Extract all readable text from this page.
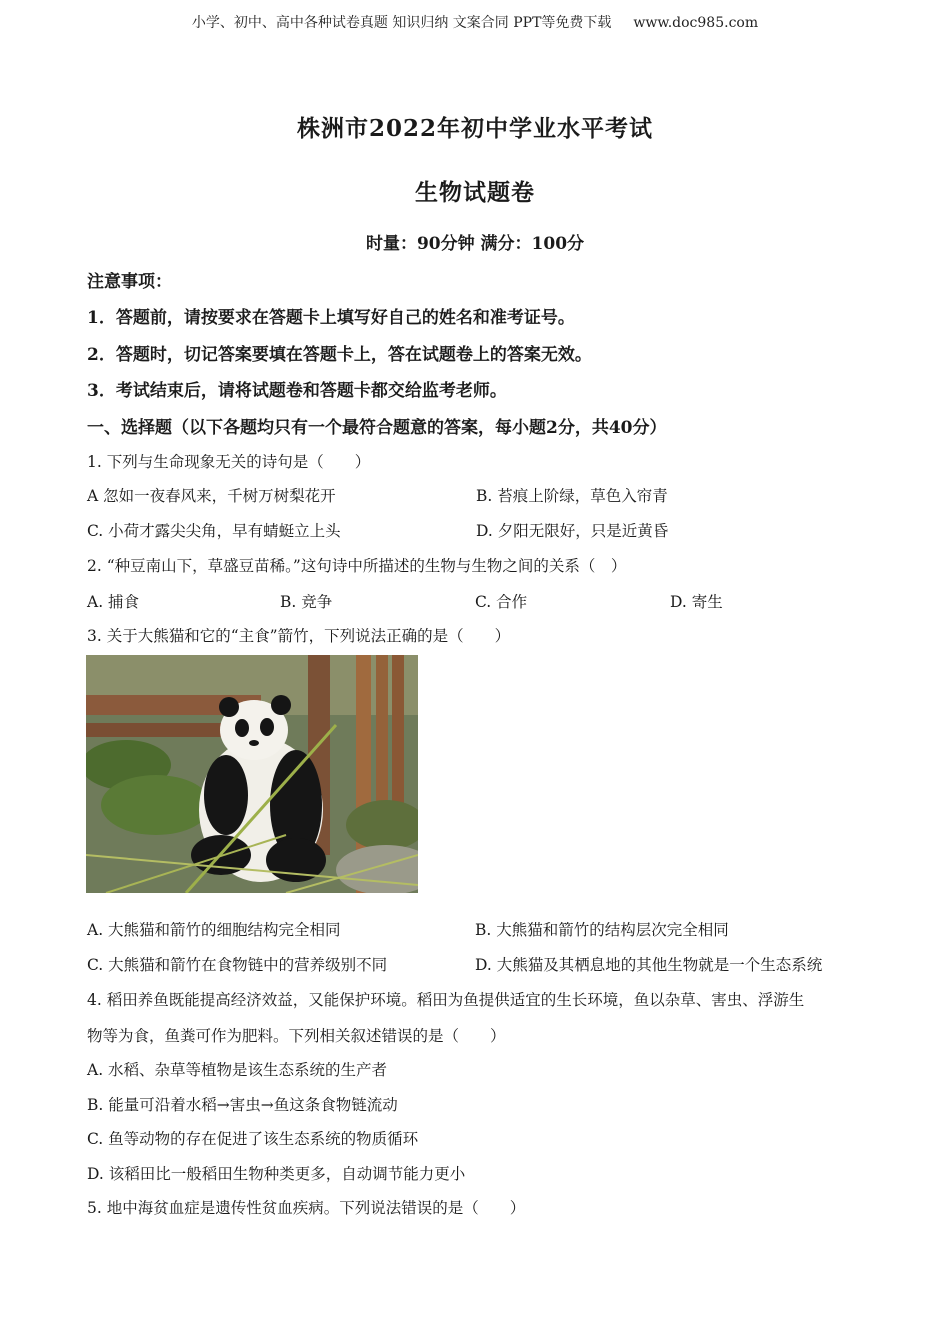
小学、初中、高中各种试卷真题 知识归纳 文案合同 PPT等免费下载 www.doc985.com
株洲市2022年初中学业水平考试
生物试题卷
时量：90分钟 满分：100分
注意事项：
1．答题前，请按要求在答题卡上填写好自己的姓名和准考证号。
2．答题时，切记答案要填在答题卡上，答在试题卷上的答案无效。
3．考试结束后，请将试题卷和答题卡都交给监考老师。
一、选择题（以下各题均只有一个最符合题意的答案，每小题2分，共40分）
1. 下列与生命现象无关的诗句是（　　）
A 忽如一夜春风来，千树万树梨花开	B. 苔痕上阶绿，草色入帘青
C. 小荷才露尖尖角，早有蜻蜓立上头	D. 夕阳无限好，只是近黄昏
2. “种豆南山下，草盛豆苗稀。”这句诗中所描述的生物与生物之间的关系（　）
A. 捕食	B. 竞争	C. 合作	D. 寄生
3. 关于大熊猫和它的“主食”箭竹，下列说法正确的是（　　）
A. 大熊猫和箭竹的细胞结构完全相同	B. 大熊猫和箭竹的结构层次完全相同
C. 大熊猫和箭竹在食物链中的营养级别不同	D. 大熊猫及其栖息地的其他生物就是一个生态系统
4. 稻田养鱼既能提高经济效益，又能保护环境。稻田为鱼提供适宜的生长环境，鱼以杂草、害虫、浮游生
物等为食，鱼粪可作为肥料。下列相关叙述错误的是（　　）
A. 水稻、杂草等植物是该生态系统的生产者
B. 能量可沿着水稻→害虫→鱼这条食物链流动
C. 鱼等动物的存在促进了该生态系统的物质循环
D. 该稻田比一般稻田生物种类更多，自动调节能力更小
5. 地中海贫血症是遗传性贫血疾病。下列说法错误的是（　　）
